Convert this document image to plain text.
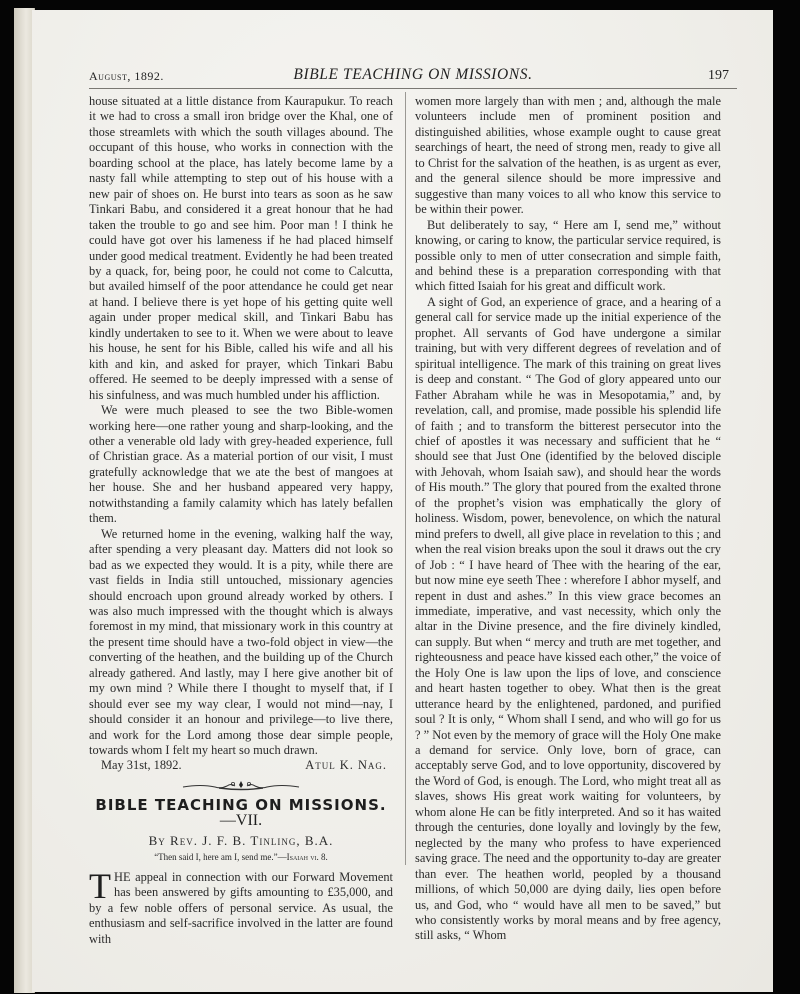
August, 1892.	BIBLE TEACHING ON MISSIONS.	197

house situated at a little distance from Kaurapukur. To reach it we had to cross a small iron bridge over the Khal, one of those streamlets with which the south villages abound. The occupant of this house, who works in connection with the boarding school at the place, has lately become lame by a nasty fall while attempting to step out of his house with a new pair of shoes on. He burst into tears as soon as he saw Tinkari Babu, and considered it a great honour that he had taken the trouble to go and see him. Poor man ! I think he could have got over his lameness if he had placed himself under good medical treatment. Evidently he had been treated by a quack, for, being poor, he could not come to Calcutta, but availed himself of the poor attendance he could get near at hand. I believe there is yet hope of his getting quite well again under proper medical skill, and Tinkari Babu has kindly undertaken to see to it. When we were about to leave his house, he sent for his Bible, called his wife and all his kith and kin, and asked for prayer, which Tinkari Babu offered. He seemed to be deeply impressed with a sense of his sinfulness, and was much humbled under his affliction.

We were much pleased to see the two Bible-women working here—one rather young and sharp-looking, and the other a venerable old lady with grey-headed experience, full of Christian grace. As a material portion of our visit, I must gratefully acknowledge that we ate the best of mangoes at her house. She and her husband appeared very happy, notwithstanding a family calamity which has lately befallen them.

We returned home in the evening, walking half the way, after spending a very pleasant day. Matters did not look so bad as we expected they would. It is a pity, while there are vast fields in India still untouched, missionary agencies should encroach upon ground already worked by others. I was also much impressed with the thought which is always foremost in my mind, that missionary work in this country at the present time should have a two-fold object in view—the converting of the heathen, and the building up of the Church already gathered. And lastly, may I here give another bit of my own mind ? While there I thought to myself that, if I should ever see my way clear, I would not mind—nay, I should consider it an honour and privilege—to live there, and work for the Lord among those dear simple people, towards whom I felt my heart so much drawn.

May 31st, 1892.	Atul K. Nag.
BIBLE TEACHING ON MISSIONS.—VII.
By Rev. J. F. B. Tinling, B.A.
“Then said I, here am I, send me.”—Isaiah vi. 8.

THE appeal in connection with our Forward Movement has been answered by gifts amounting to £35,000, and by a few noble offers of personal service. As usual, the enthusiasm and self-sacrifice involved in the latter are found with

women more largely than with men ; and, although the male volunteers include men of prominent position and distinguished abilities, whose example ought to cause great searchings of heart, the need of strong men, ready to give all to Christ for the salvation of the heathen, is as urgent as ever, and the general silence should be more impressive and suggestive than many voices to all who know this service to be within their power.

But deliberately to say, “ Here am I, send me,” without knowing, or caring to know, the particular service required, is possible only to men of utter consecration and simple faith, and behind these is a preparation corresponding with that which fitted Isaiah for his great and difficult work.

A sight of God, an experience of grace, and a hearing of a general call for service made up the initial experience of the prophet. All servants of God have undergone a similar training, but with very different degrees of revelation and of spiritual intelligence. The mark of this training on great lives is deep and constant. “ The God of glory appeared unto our Father Abraham while he was in Mesopotamia,” and, by revelation, call, and promise, made possible his splendid life of faith ; and to transform the bitterest persecutor into the chief of apostles it was necessary and sufficient that he “ should see that Just One (identified by the beloved disciple with Jehovah, whom Isaiah saw), and should hear the words of His mouth.” The glory that poured from the exalted throne of the prophet’s vision was emphatically the glory of holiness. Wisdom, power, benevolence, on which the natural mind prefers to dwell, all give place in revelation to this ; and when the real vision breaks upon the soul it draws out the cry of Job : “ I have heard of Thee with the hearing of the ear, but now mine eye seeth Thee : wherefore I abhor myself, and repent in dust and ashes.” In this view grace becomes an immediate, imperative, and vast necessity, which only the altar in the Divine presence, and the fire divinely kindled, can supply. But when “ mercy and truth are met together, and righteousness and peace have kissed each other,” the voice of the Holy One is law upon the lips of love, and conscience and heart hasten together to obey. What then is the great utterance heard by the enlightened, pardoned, and purified soul ? It is only, “ Whom shall I send, and who will go for us ? ” Not even by the memory of grace will the Holy One make a demand for service. Only love, born of grace, can acceptably serve God, and to love opportunity, discovered by the Word of God, is enough. The Lord, who might treat all as slaves, shows His great work waiting for volunteers, by whom alone He can be fitly interpreted. And so it has waited through the centuries, done loyally and lovingly by the few, neglected by the many who profess to have experienced saving grace. The need and the opportunity to-day are greater than ever. The heathen world, peopled by a thousand millions, of which 50,000 are dying daily, lies open before us, and God, who “ would have all men to be saved,” but who consistently works by moral means and by free agency, still asks, “ Whom
